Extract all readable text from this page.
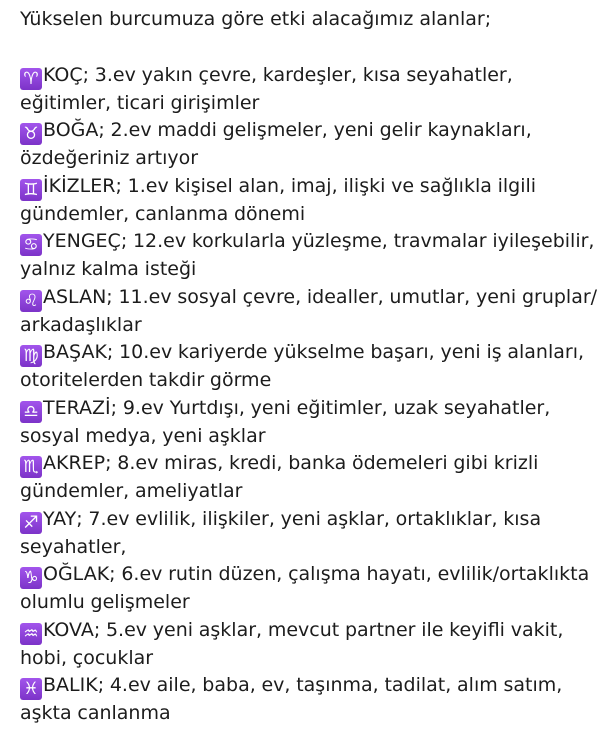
Yükselen burcumuza göre etki alacağımız alanlar;

♈ KOÇ; 3.ev yakın çevre, kardeşler, kısa seyahatler, eğitimler, ticari girişimler

♉ BOĞA; 2.ev maddi gelişmeler, yeni gelir kaynakları, özdeğeriniz artıyor

♊ İKİZLER; 1.ev kişisel alan, imaj, ilişki ve sağlıkla ilgili gündemler, canlanma dönemi

♋ YENGEÇ; 12.ev korkularla yüzleşme, travmalar iyileşebilir, yalnız kalma isteği

♌ ASLAN; 11.ev sosyal çevre, idealler, umutlar, yeni gruplar/ arkadaşlıklar

♍ BAŞAK; 10.ev kariyerde yükselme başarı, yeni iş alanları, otoritelerden takdir görme

♎ TERAZİ; 9.ev Yurtdışı, yeni eğitimler, uzak seyahatler, sosyal medya, yeni aşklar

♏ AKREP; 8.ev miras, kredi, banka ödemeleri gibi krizli gündemler, ameliyatlar

♐ YAY; 7.ev evlilik, ilişkiler, yeni aşklar, ortaklıklar, kısa seyahatler,

♑ OĞLAK; 6.ev rutin düzen, çalışma hayatı, evlilik/ortaklıkta olumlu gelişmeler

♒ KOVA; 5.ev yeni aşklar, mevcut partner ile keyifli vakit, hobi, çocuklar

♓ BALIK; 4.ev aile, baba, ev, taşınma, tadilat, alım satım, aşkta canlanma
